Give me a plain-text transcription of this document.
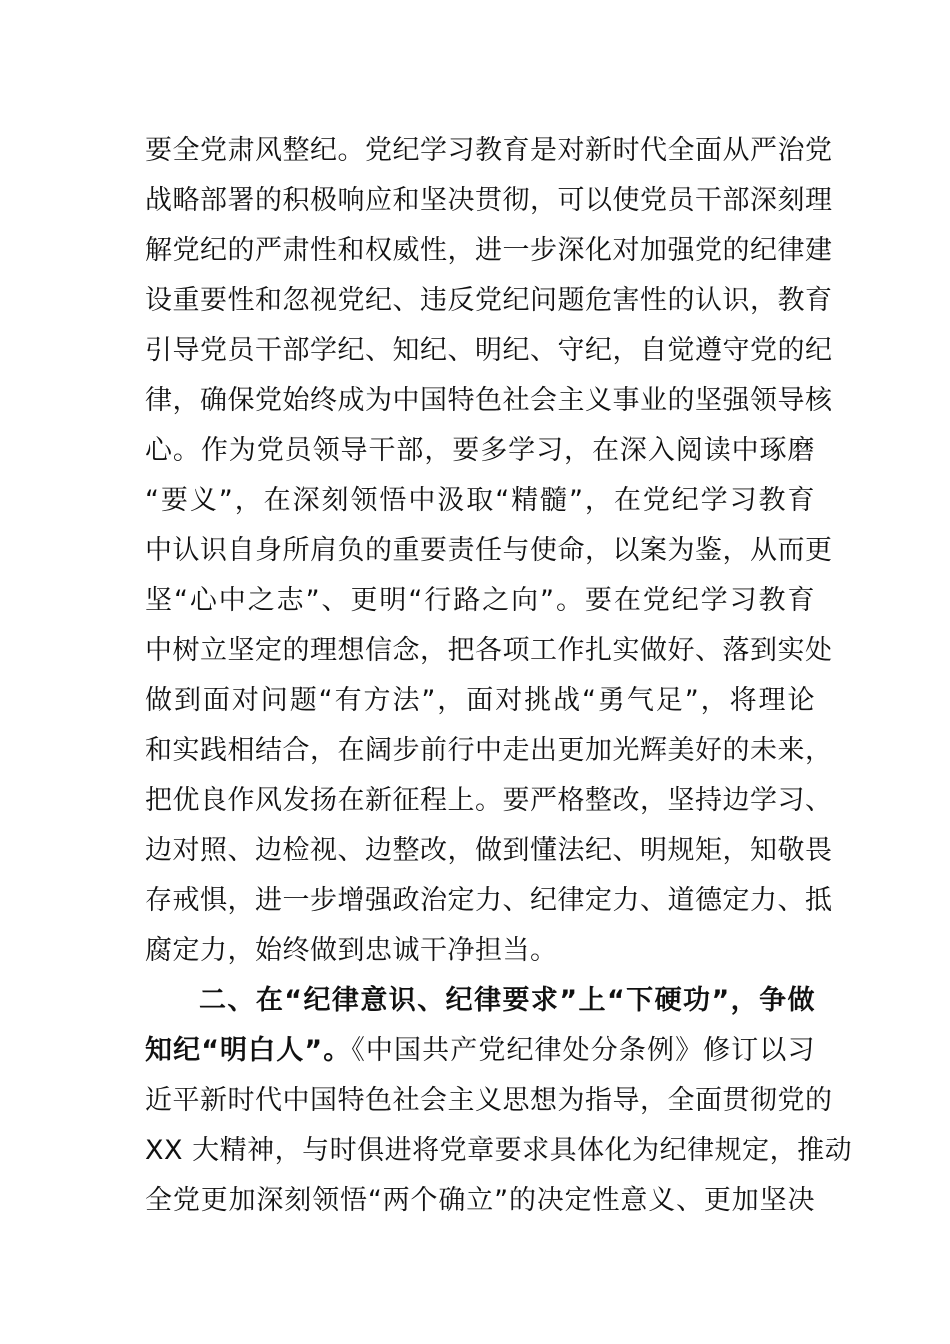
要全党肃风整纪。党纪学习教育是对新时代全面从严治党
战略部署的积极响应和坚决贯彻，可以使党员干部深刻理
解党纪的严肃性和权威性，进一步深化对加强党的纪律建
设重要性和忽视党纪、违反党纪问题危害性的认识，教育
引导党员干部学纪、知纪、明纪、守纪，自觉遵守党的纪
律，确保党始终成为中国特色社会主义事业的坚强领导核
心。作为党员领导干部，要多学习，在深入阅读中琢磨
“要义”，在深刻领悟中汲取“精髓”，在党纪学习教育
中认识自身所肩负的重要责任与使命，以案为鉴，从而更
坚“心中之志”、更明“行路之向”。要在党纪学习教育
中树立坚定的理想信念，把各项工作扎实做好、落到实处
做到面对问题“有方法”，面对挑战“勇气足”，将理论
和实践相结合，在阔步前行中走出更加光辉美好的未来，
把优良作风发扬在新征程上。要严格整改，坚持边学习、
边对照、边检视、边整改，做到懂法纪、明规矩，知敬畏
存戒惧，进一步增强政治定力、纪律定力、道德定力、抵
腐定力，始终做到忠诚干净担当。
二、在“纪律意识、纪律要求”上“下硬功”，争做
知纪“明白人”。《中国共产党纪律处分条例》修订以习
近平新时代中国特色社会主义思想为指导，全面贯彻党的
XX 大精神，与时俱进将党章要求具体化为纪律规定，推动
全党更加深刻领悟“两个确立”的决定性意义、更加坚决
